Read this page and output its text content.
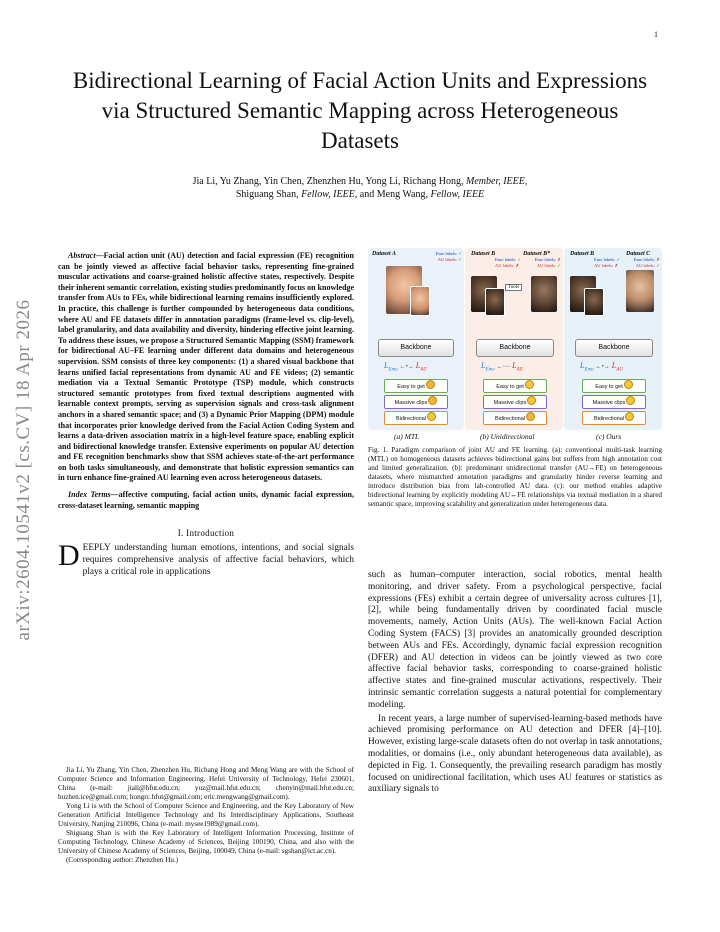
1
arXiv:2604.10541v2 [cs.CV] 18 Apr 2026
Bidirectional Learning of Facial Action Units and Expressions via Structured Semantic Mapping across Heterogeneous Datasets
Jia Li, Yu Zhang, Yin Chen, Zhenzhen Hu, Yong Li, Richang Hong, Member, IEEE,
Shiguang Shan, Fellow, IEEE, and Meng Wang, Fellow, IEEE

Abstract—Facial action unit (AU) detection and facial expression (FE) recognition can be jointly viewed as affective facial behavior tasks, representing fine-grained muscular activations and coarse-grained holistic affective states, respectively. Despite their inherent semantic correlation, existing studies predominantly focus on knowledge transfer from AUs to FEs, while bidirectional learning remains insufficiently explored. In practice, this challenge is further compounded by heterogeneous data conditions, where AU and FE datasets differ in annotation paradigms (frame-level vs. clip-level), label granularity, and data availability and diversity, hindering effective joint learning. To address these issues, we propose a Structured Semantic Mapping (SSM) framework for bidirectional AU–FE learning under different data domains and heterogeneous supervision. SSM consists of three key components: (1) a shared visual backbone that learns unified facial representations from dynamic AU and FE videos; (2) semantic mediation via a Textual Semantic Prototype (TSP) module, which constructs structured semantic prototypes from fixed textual descriptions augmented with learnable context prompts, serving as supervision signals and cross-task alignment anchors in a shared semantic space; and (3) a Dynamic Prior Mapping (DPM) module that incorporates prior knowledge derived from the Facial Action Coding System and learns a data-driven association matrix in a high-level feature space, enabling explicit and bidirectional knowledge transfer. Extensive experiments on popular AU detection and FE recognition benchmarks show that SSM achieves state-of-the-art performance on both tasks simultaneously, and demonstrate that holistic expression semantics can in turn enhance fine-grained AU learning even across heterogeneous datasets.

Index Terms—affective computing, facial action units, dynamic facial expression, cross-dataset learning, semantic mapping

I. Introduction

DEEPLY understanding human emotions, intentions, and social signals requires comprehensive analysis of affective facial behaviors, which plays a critical role in applications

Jia Li, Yu Zhang, Yin Chen, Zhenzhen Hu, Richang Hong and Meng Wang are with the School of Computer Science and Information Engineering, Hefei University of Technology, Hefei 230601, China (e-mail: jiali@hfut.edu.cn; yuz@mail.hfut.edu.cn; chenyin@mail.hfut.edu.cn; huzhen.ice@gmail.com; hongrc.hfut@gmail.com; eric.mengwang@gmail.com).

Yong Li is with the School of Computer Science and Engineering, and the Key Laboratory of New Generation Artificial Intelligence Technology and Its Interdisciplinary Applications, Southeast University, Nanjing 210096, China (e-mail: mysee1989@gmail.com).

Shiguang Shan is with the Key Laboratory of Intelligent Information Processing, Institute of Computing Technology, Chinese Academy of Sciences, Beijing 100190, China, and also with the University of Chinese Academy of Sciences, Beijing, 100049, China (e-mail: sgshan@ict.ac.cn).

(Corresponding author: Zhenzhen Hu.)

Dataset A	Emo labels: ✓
AU labels: ✓
Backbone
$L_{Emo}$ ←•→ $L_{AU}$
Easy to get
Massive clips
Bidirectional
Dataset B	Dataset B*
Emo labels: ✓
AU labels: ✗
Emo labels: ✗
AU labels: ✓
Tools
Backbone
$L_{Emo}$ ←····· $L_{AU}$
Easy to get
Massive clips
Bidirectional
Dataset B	Dataset C
Emo labels: ✓
AU labels: ✗
Emo labels: ✗
AU labels: ✓
Backbone
$L_{Emo}$ ←•→ $L_{AU}$
Easy to get
Massive clips
Bidirectional
(a) MTL	(b) Unidirectional	(c) Ours
Fig. 1. Paradigm comparison of joint AU and FE learning. (a): conventional multi-task learning (MTL) on homogeneous datasets achieves bidirectional gains but suffers from high annotation cost and limited generalization. (b): predominant unidirectional transfer (AU→FE) on heterogeneous datasets, where mismatched annotation paradigms and granularity hinder reverse learning and introduce distribution bias from lab-controlled AU data. (c): our method enables adaptive bidirectional learning by explicitly modeling AU↔FE relationships via textual mediation in a shared semantic space, improving scalability and generalization under heterogeneous data.

such as human–computer interaction, social robotics, mental health monitoring, and driver safety. From a psychological perspective, facial expressions (FEs) exhibit a certain degree of universality across cultures [1], [2], while being fundamentally driven by coordinated facial muscle movements, namely, Action Units (AUs). The well-known Facial Action Coding System (FACS) [3] provides an anatomically grounded description between AUs and FEs. Accordingly, dynamic facial expression recognition (DFER) and AU detection in videos can be jointly viewed as two core affective facial behavior tasks, corresponding to coarse-grained holistic affective states and fine-grained muscular activations, respectively. Their intrinsic semantic correlation suggests a natural potential for complementary modeling.

In recent years, a large number of supervised-learning-based methods have achieved promising performance on AU detection and DFER [4]–[10]. However, existing large-scale datasets often do not overlap in task annotations, modalities, or domains (i.e., only abundant heterogeneous data available), as depicted in Fig. 1. Consequently, the prevailing research paradigm has mostly focused on unidirectional facilitation, which uses AU features or statistics as auxiliary signals to
